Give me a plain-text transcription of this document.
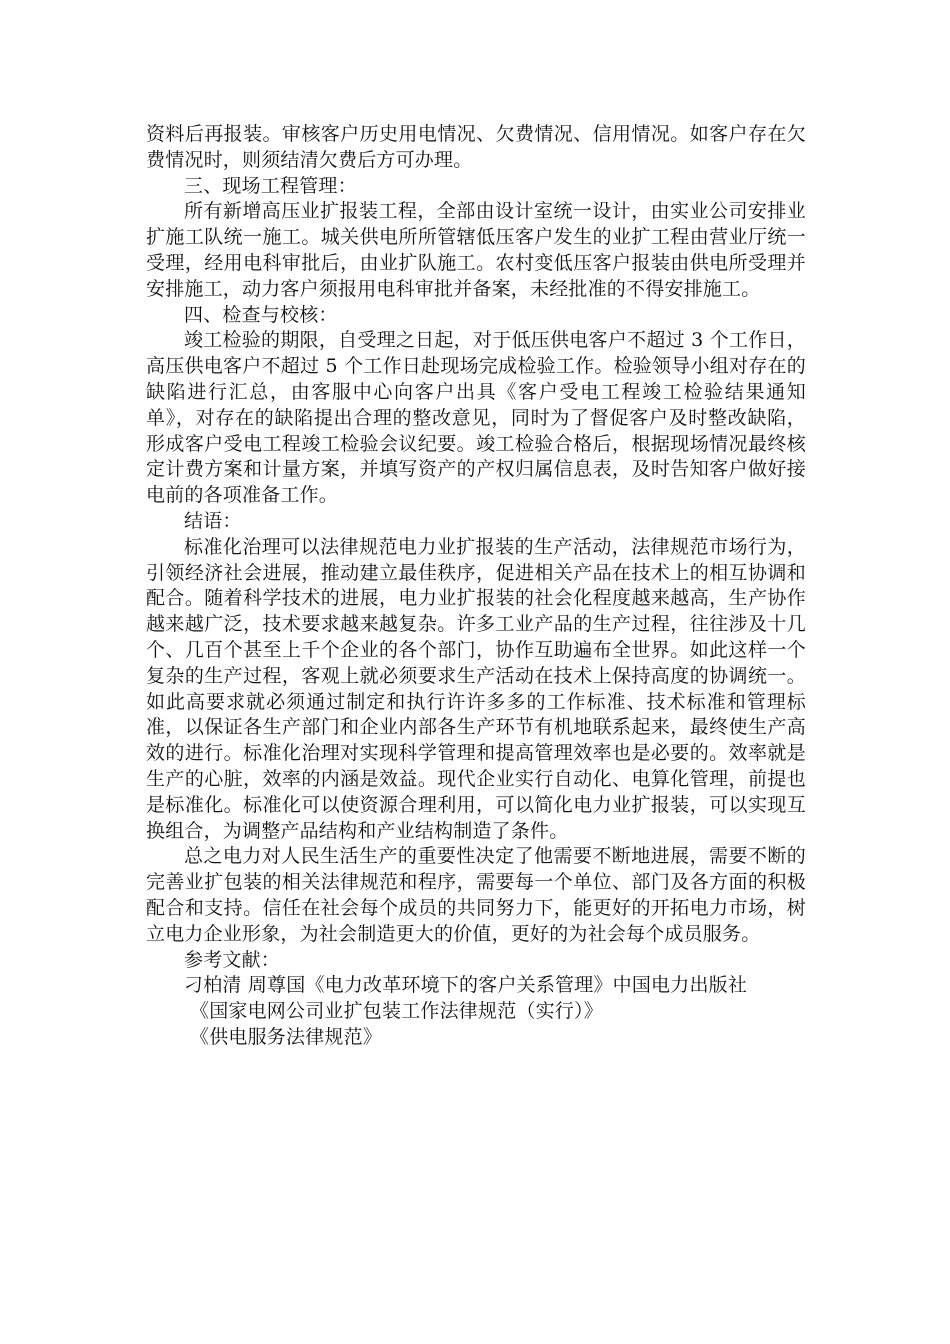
资料后再报装。审核客户历史用电情况、欠费情况、信用情况。如客户存在欠费情况时，则须结清欠费后方可办理。

三、现场工程管理：

所有新增高压业扩报装工程，全部由设计室统一设计，由实业公司安排业扩施工队统一施工。城关供电所所管辖低压客户发生的业扩工程由营业厅统一受理，经用电科审批后，由业扩队施工。农村变低压客户报装由供电所受理并安排施工，动力客户须报用电科审批并备案，未经批准的不得安排施工。

四、检查与校核：

竣工检验的期限，自受理之日起，对于低压供电客户不超过 3 个工作日，高压供电客户不超过 5 个工作日赴现场完成检验工作。检验领导小组对存在的缺陷进行汇总，由客服中心向客户出具《客户受电工程竣工检验结果通知单》，对存在的缺陷提出合理的整改意见，同时为了督促客户及时整改缺陷，形成客户受电工程竣工检验会议纪要。竣工检验合格后，根据现场情况最终核定计费方案和计量方案，并填写资产的产权归属信息表，及时告知客户做好接电前的各项准备工作。

结语：

标准化治理可以法律规范电力业扩报装的生产活动，法律规范市场行为，引领经济社会进展，推动建立最佳秩序，促进相关产品在技术上的相互协调和配合。随着科学技术的进展，电力业扩报装的社会化程度越来越高，生产协作越来越广泛，技术要求越来越复杂。许多工业产品的生产过程，往往涉及十几个、几百个甚至上千个企业的各个部门，协作互助遍布全世界。如此这样一个复杂的生产过程，客观上就必须要求生产活动在技术上保持高度的协调统一。如此高要求就必须通过制定和执行许许多多的工作标准、技术标准和管理标准，以保证各生产部门和企业内部各生产环节有机地联系起来，最终使生产高效的进行。标准化治理对实现科学管理和提高管理效率也是必要的。效率就是生产的心脏，效率的内涵是效益。现代企业实行自动化、电算化管理，前提也是标准化。标准化可以使资源合理利用，可以简化电力业扩报装，可以实现互换组合，为调整产品结构和产业结构制造了条件。

总之电力对人民生活生产的重要性决定了他需要不断地进展，需要不断的完善业扩包装的相关法律规范和程序，需要每一个单位、部门及各方面的积极配合和支持。信任在社会每个成员的共同努力下，能更好的开拓电力市场，树立电力企业形象，为社会制造更大的价值，更好的为社会每个成员服务。

参考文献：

刁柏清 周尊国《电力改革环境下的客户关系管理》中国电力出版社

《国家电网公司业扩包装工作法律规范（实行）》

《供电服务法律规范》
